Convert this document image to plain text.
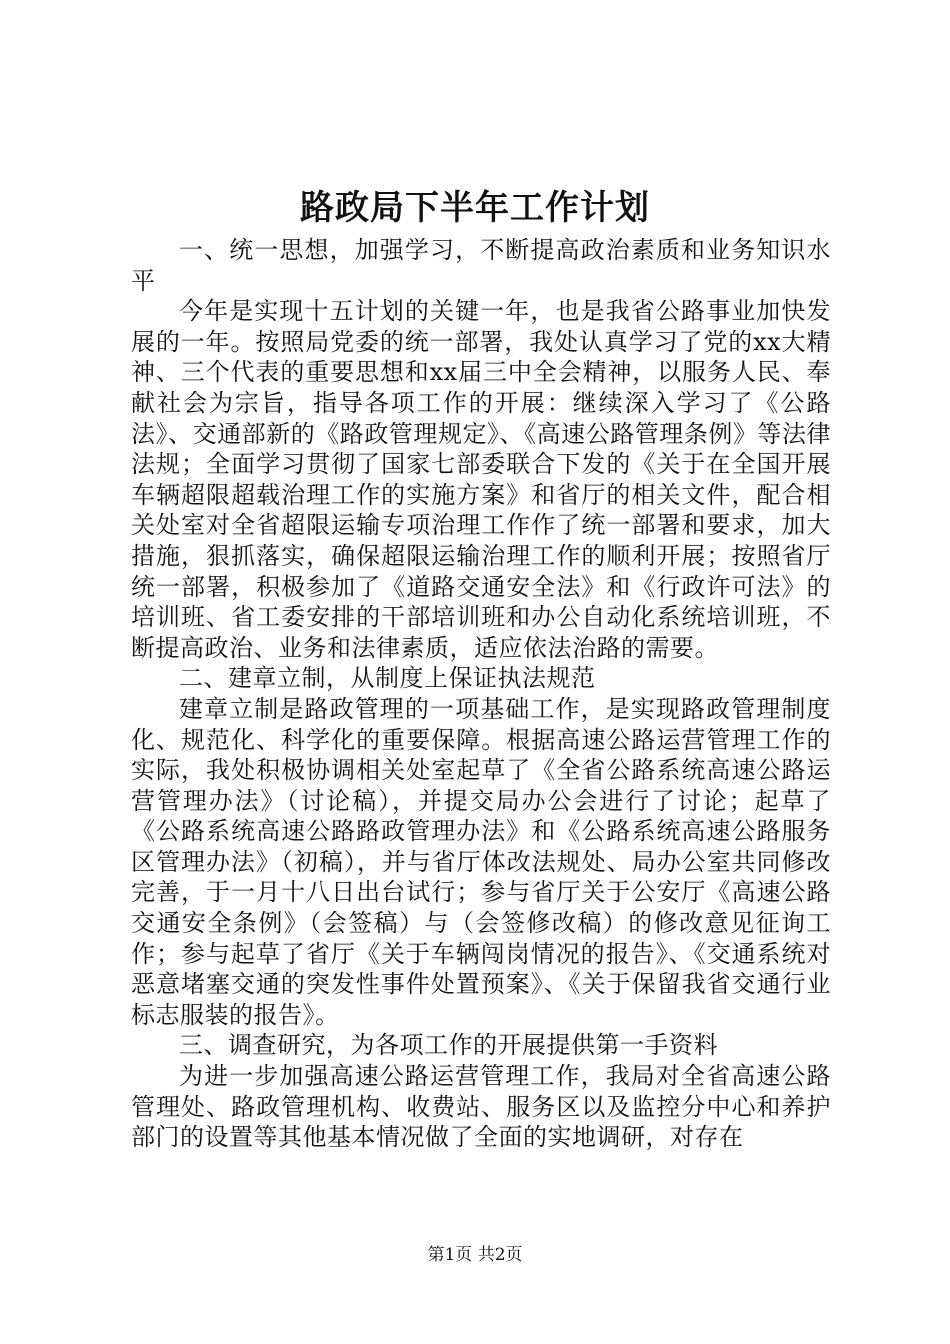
路政局下半年工作计划

一、统一思想，加强学习，不断提高政治素质和业务知识水平

今年是实现十五计划的关键一年，也是我省公路事业加快发展的一年。按照局党委的统一部署，我处认真学习了党的xx大精神、三个代表的重要思想和xx届三中全会精神，以服务人民、奉献社会为宗旨，指导各项工作的开展：继续深入学习了《公路法》、交通部新的《路政管理规定》、《高速公路管理条例》等法律法规；全面学习贯彻了国家七部委联合下发的《关于在全国开展车辆超限超载治理工作的实施方案》和省厅的相关文件，配合相关处室对全省超限运输专项治理工作作了统一部署和要求，加大措施，狠抓落实，确保超限运输治理工作的顺利开展；按照省厅统一部署，积极参加了《道路交通安全法》和《行政许可法》的培训班、省工委安排的干部培训班和办公自动化系统培训班，不断提高政治、业务和法律素质，适应依法治路的需要。

二、建章立制，从制度上保证执法规范

建章立制是路政管理的一项基础工作，是实现路政管理制度化、规范化、科学化的重要保障。根据高速公路运营管理工作的实际，我处积极协调相关处室起草了《全省公路系统高速公路运营管理办法》（讨论稿），并提交局办公会进行了讨论；起草了《公路系统高速公路路政管理办法》和《公路系统高速公路服务区管理办法》（初稿），并与省厅体改法规处、局办公室共同修改完善，于一月十八日出台试行；参与省厅关于公安厅《高速公路交通安全条例》（会签稿）与（会签修改稿）的修改意见征询工作；参与起草了省厅《关于车辆闯岗情况的报告》、《交通系统对恶意堵塞交通的突发性事件处置预案》、《关于保留我省交通行业标志服装的报告》。

三、调查研究，为各项工作的开展提供第一手资料

为进一步加强高速公路运营管理工作，我局对全省高速公路管理处、路政管理机构、收费站、服务区以及监控分中心和养护部门的设置等其他基本情况做了全面的实地调研，对存在

第1页 共2页
